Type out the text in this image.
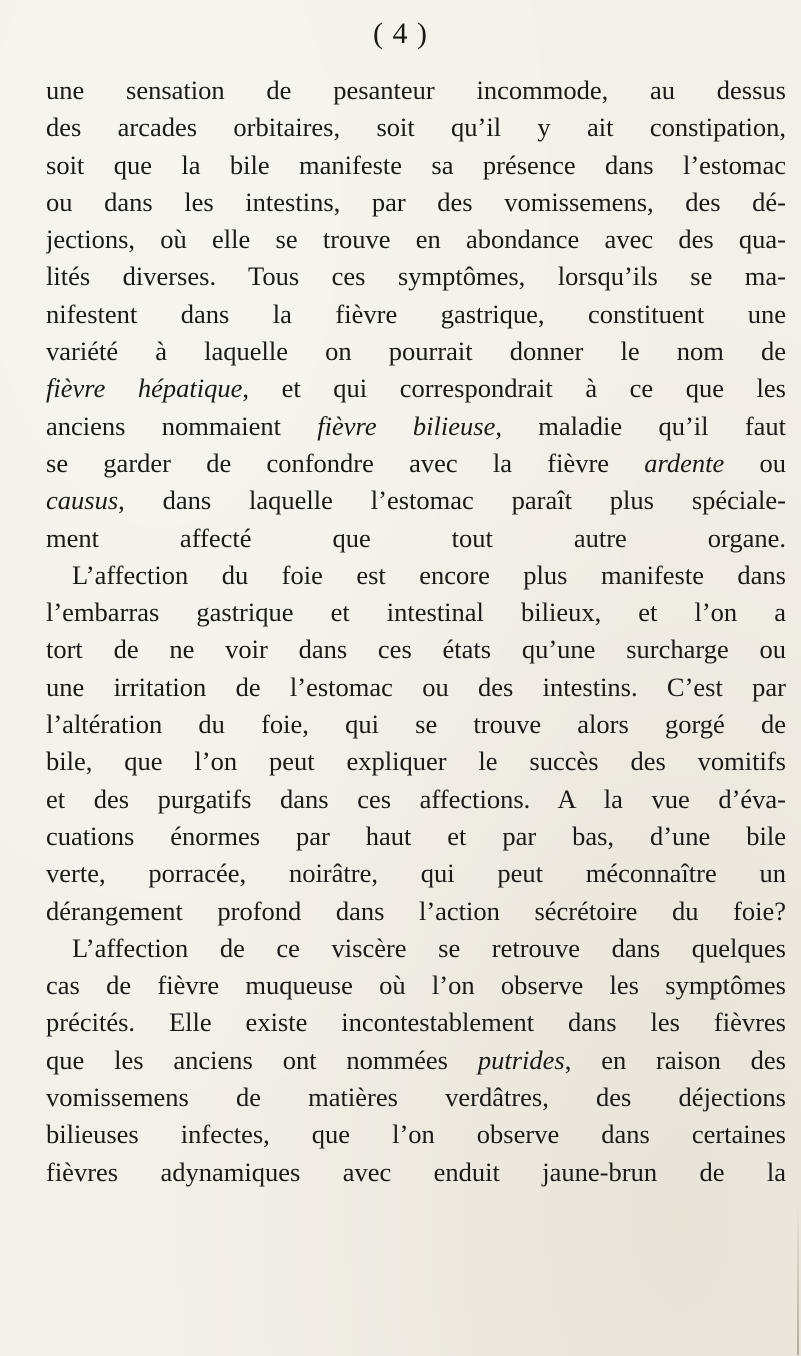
( 4 )
une sensation de pesanteur incommode, au dessus
des arcades orbitaires, soit qu’il y ait constipation,
soit que la bile manifeste sa présence dans l’estomac
ou dans les intestins, par des vomissemens, des dé-
jections, où elle se trouve en abondance avec des qua-
lités diverses. Tous ces symptômes, lorsqu’ils se ma-
nifestent dans la fièvre gastrique, constituent une
variété à laquelle on pourrait donner le nom de
fièvre hépatique, et qui correspondrait à ce que les
anciens nommaient fièvre bilieuse, maladie qu’il faut
se garder de confondre avec la fièvre ardente ou
causus, dans laquelle l’estomac paraît plus spéciale-
ment affecté que tout autre organe.
L’affection du foie est encore plus manifeste dans
l’embarras gastrique et intestinal bilieux, et l’on a
tort de ne voir dans ces états qu’une surcharge ou
une irritation de l’estomac ou des intestins. C’est par
l’altération du foie, qui se trouve alors gorgé de
bile, que l’on peut expliquer le succès des vomitifs
et des purgatifs dans ces affections. A la vue d’éva-
cuations énormes par haut et par bas, d’une bile
verte, porracée, noirâtre, qui peut méconnaître un
dérangement profond dans l’action sécrétoire du foie?
L’affection de ce viscère se retrouve dans quelques
cas de fièvre muqueuse où l’on observe les symptômes
précités. Elle existe incontestablement dans les fièvres
que les anciens ont nommées putrides, en raison des
vomissemens de matières verdâtres, des déjections
bilieuses infectes, que l’on observe dans certaines
fièvres adynamiques avec enduit jaune-brun de la
